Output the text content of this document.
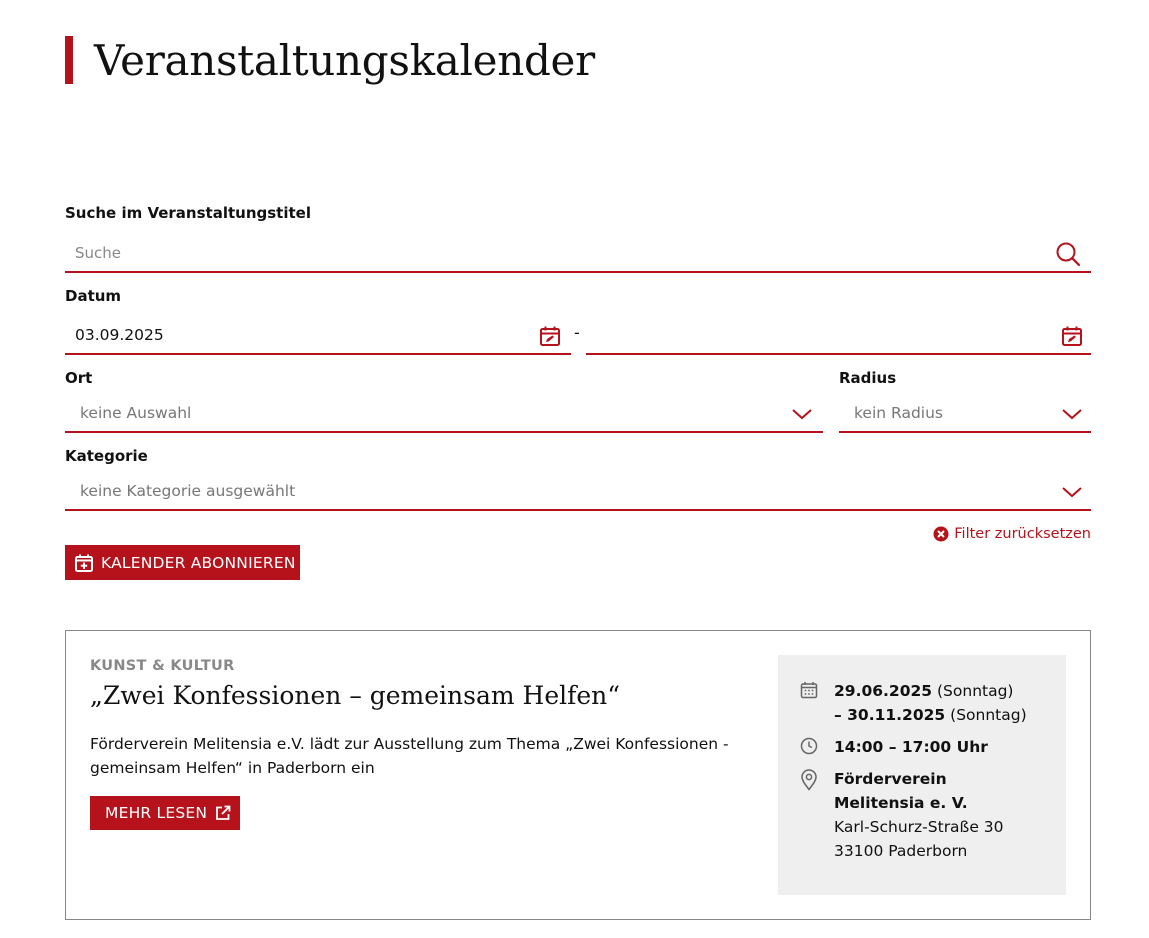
Veranstaltungskalender
Suche im Veranstaltungstitel
Suche
Datum
03.09.2025	-
Ort
keine Auswahl
Radius
kein Radius
Kategorie
keine Kategorie ausgewählt
Filter zurücksetzen
KALENDER ABONNIEREN
KUNST & KULTUR
„Zwei Konfessionen – gemeinsam Helfen“
Förderverein Melitensia e.V. lädt zur Ausstellung zum Thema „Zwei Konfessionen - gemeinsam Helfen“ in Paderborn ein
MEHR LESEN
29.06.2025 (Sonntag)
– 30.11.2025 (Sonntag)
14:00 – 17:00 Uhr
Förderverein Melitensia e. V.
Karl-Schurz-Straße 30
33100 Paderborn
